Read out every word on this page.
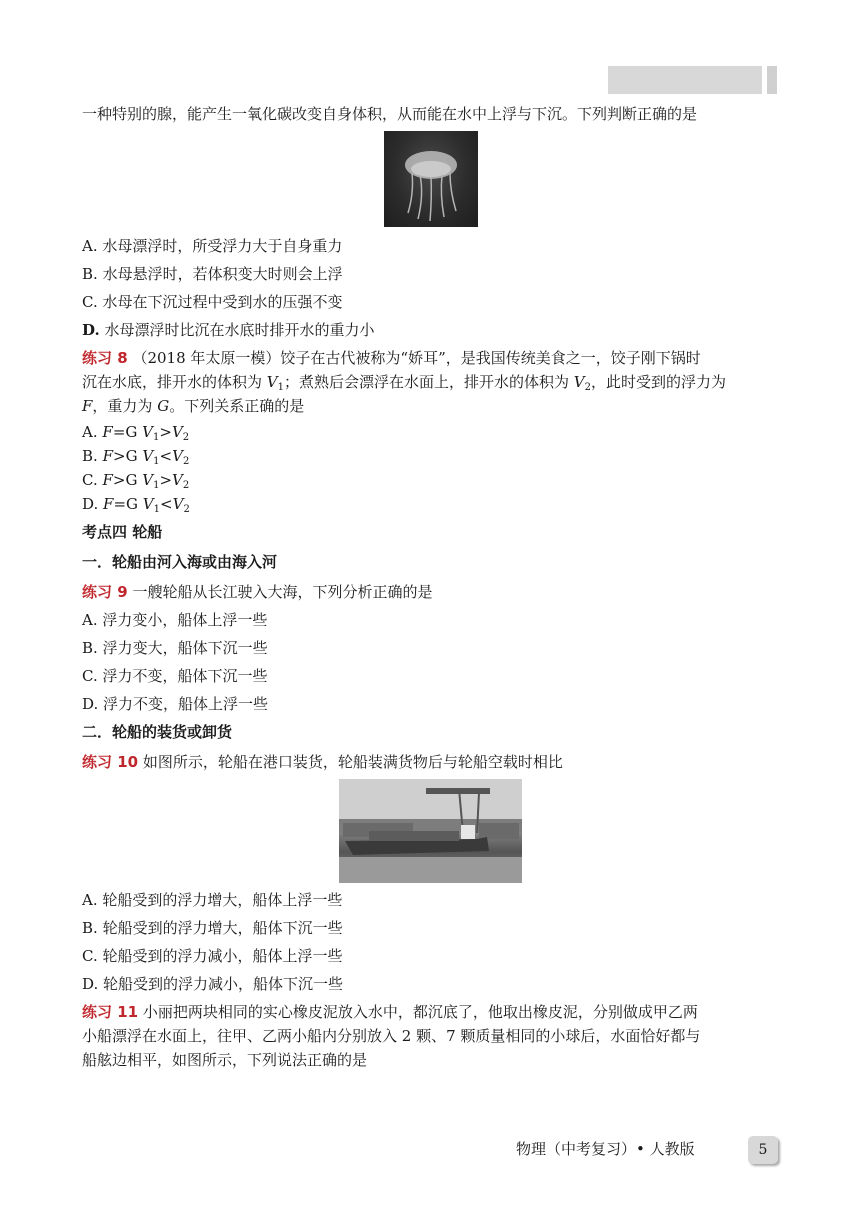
一种特别的腺，能产生一氧化碳改变自身体积，从而能在水中上浮与下沉。下列判断正确的是
A. 水母漂浮时，所受浮力大于自身重力
B. 水母悬浮时，若体积变大时则会上浮
C. 水母在下沉过程中受到水的压强不变
D. 水母漂浮时比沉在水底时排开水的重力小
练习 8 （2018 年太原一模）饺子在古代被称为“娇耳”，是我国传统美食之一，饺子刚下锅时
沉在水底，排开水的体积为 $V_1$；煮熟后会漂浮在水面上，排开水的体积为 $V_2$，此时受到的浮力为
F，重力为 G。下列关系正确的是
A. F=G $V_1>V_2$
B. F>G $V_1<V_2$
C. F>G $V_1>V_2$
D. F=G $V_1<V_2$
考点四 轮船
一．轮船由河入海或由海入河
练习 9 一艘轮船从长江驶入大海，下列分析正确的是
A. 浮力变小，船体上浮一些
B. 浮力变大，船体下沉一些
C. 浮力不变，船体下沉一些
D. 浮力不变，船体上浮一些
二．轮船的装货或卸货
练习 10 如图所示，轮船在港口装货，轮船装满货物后与轮船空载时相比
A. 轮船受到的浮力增大，船体上浮一些
B. 轮船受到的浮力增大，船体下沉一些
C. 轮船受到的浮力减小，船体上浮一些
D. 轮船受到的浮力减小，船体下沉一些
练习 11 小丽把两块相同的实心橡皮泥放入水中，都沉底了，他取出橡皮泥，分别做成甲乙两
小船漂浮在水面上，往甲、乙两小船内分别放入 2 颗、7 颗质量相同的小球后，水面恰好都与
船舷边相平，如图所示，下列说法正确的是
物理（中考复习）• 人教版	5
